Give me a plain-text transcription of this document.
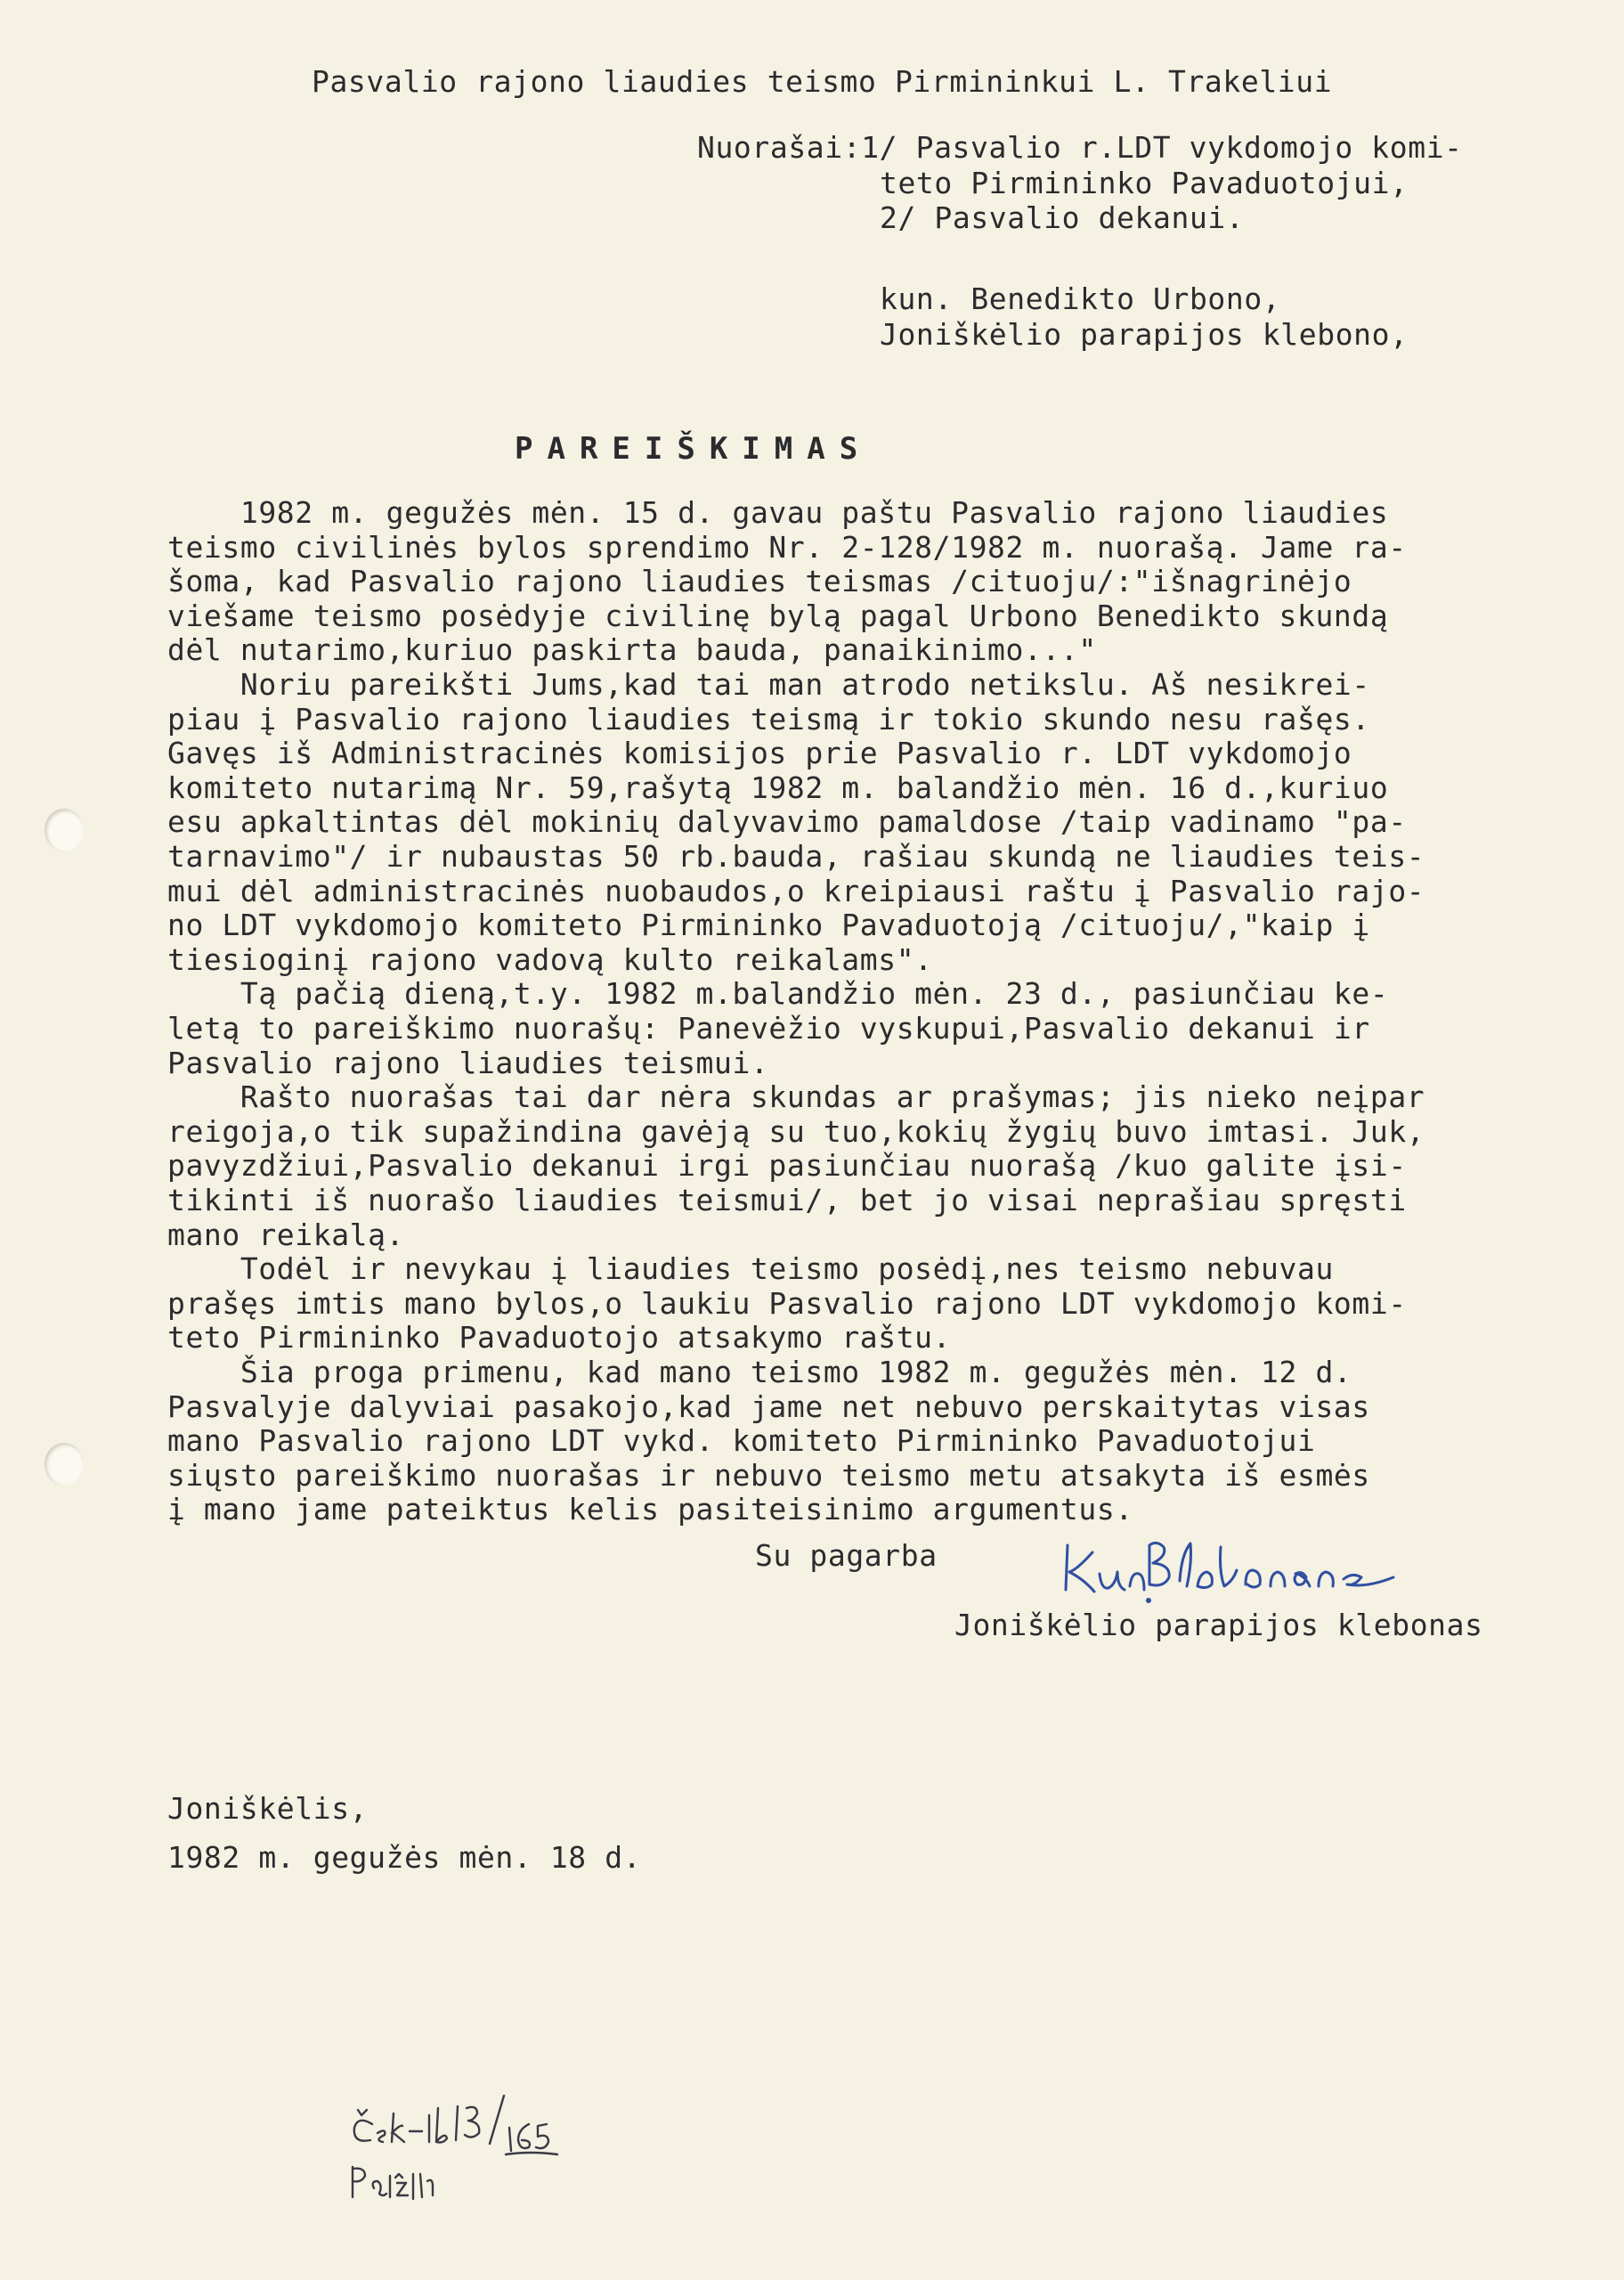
Pasvalio rajono liaudies teismo Pirmininkui L. Trakeliui
Nuorašai:1/ Pasvalio r.LDT vykdomojo komi-
teto Pirmininko Pavaduotojui,
2/ Pasvalio dekanui.
kun. Benedikto Urbono,
Joniškėlio parapijos klebono,
PAREIŠKIMAS
1982 m. gegužės mėn. 15 d. gavau paštu Pasvalio rajono liaudies
teismo civilinės bylos sprendimo Nr. 2-128/1982 m. nuorašą. Jame ra-
šoma, kad Pasvalio rajono liaudies teismas /cituoju/:"išnagrinėjo
viešame teismo posėdyje civilinę bylą pagal Urbono Benedikto skundą
dėl nutarimo,kuriuo paskirta bauda, panaikinimo..."
Noriu pareikšti Jums,kad tai man atrodo netikslu. Aš nesikrei-
piau į Pasvalio rajono liaudies teismą ir tokio skundo nesu rašęs.
Gavęs iš Administracinės komisijos prie Pasvalio r. LDT vykdomojo
komiteto nutarimą Nr. 59,rašytą 1982 m. balandžio mėn. 16 d.,kuriuo
esu apkaltintas dėl mokinių dalyvavimo pamaldose /taip vadinamo "pa-
tarnavimo"/ ir nubaustas 50 rb.bauda, rašiau skundą ne liaudies teis-
mui dėl administracinės nuobaudos,o kreipiausi raštu į Pasvalio rajo-
no LDT vykdomojo komiteto Pirmininko Pavaduotoją /cituoju/,"kaip į
tiesioginį rajono vadovą kulto reikalams".
Tą pačią dieną,t.y. 1982 m.balandžio mėn. 23 d., pasiunčiau ke-
letą to pareiškimo nuorašų: Panevėžio vyskupui,Pasvalio dekanui ir
Pasvalio rajono liaudies teismui.
Rašto nuorašas tai dar nėra skundas ar prašymas; jis nieko neįpar
reigoja,o tik supažindina gavėją su tuo,kokių žygių buvo imtasi. Juk,
pavyzdžiui,Pasvalio dekanui irgi pasiunčiau nuorašą /kuo galite įsi-
tikinti iš nuorašo liaudies teismui/, bet jo visai neprašiau spręsti
mano reikalą.
Todėl ir nevykau į liaudies teismo posėdį,nes teismo nebuvau
prašęs imtis mano bylos,o laukiu Pasvalio rajono LDT vykdomojo komi-
teto Pirmininko Pavaduotojo atsakymo raštu.
Šia proga primenu, kad mano teismo 1982 m. gegužės mėn. 12 d.
Pasvalyje dalyviai pasakojo,kad jame net nebuvo perskaitytas visas
mano Pasvalio rajono LDT vykd. komiteto Pirmininko Pavaduotojui
siųsto pareiškimo nuorašas ir nebuvo teismo metu atsakyta iš esmės
į mano jame pateiktus kelis pasiteisinimo argumentus.
Su pagarba
KunBUrbonas
Joniškėlio parapijos klebonas
Joniškėlis,
1982 m. gegužės mėn. 18 d.
